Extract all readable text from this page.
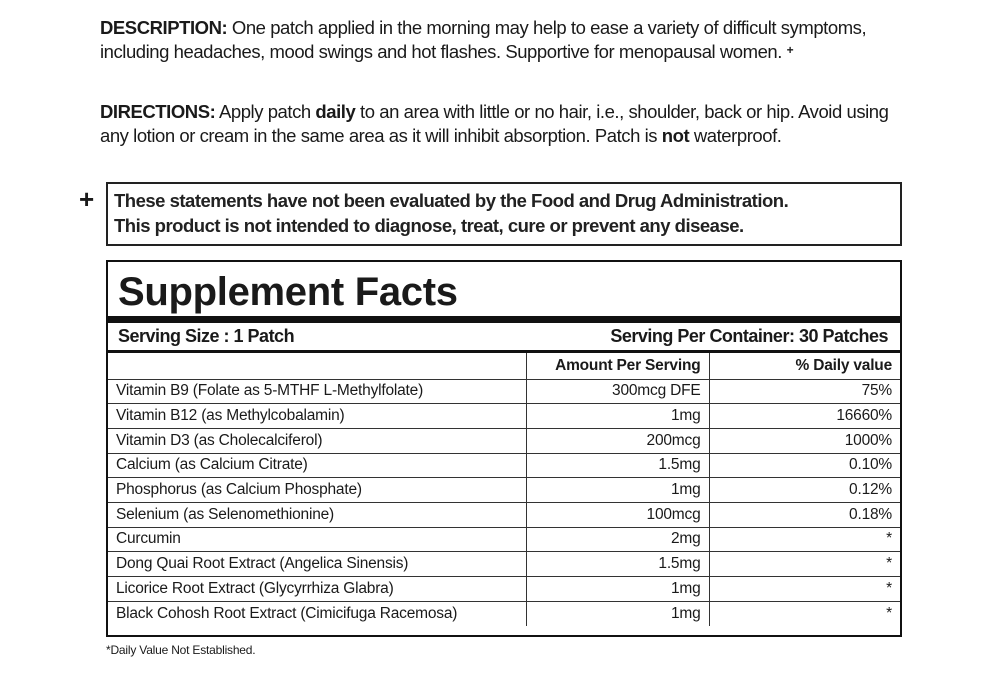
DESCRIPTION: One patch applied in the morning may help to ease a variety of difficult symptoms, including headaches, mood swings and hot flashes. Supportive for menopausal women. +
DIRECTIONS: Apply patch daily to an area with little or no hair, i.e., shoulder, back or hip. Avoid using any lotion or cream in the same area as it will inhibit absorption. Patch is not waterproof.
+ These statements have not been evaluated by the Food and Drug Administration.
This product is not intended to diagnose, treat, cure or prevent any disease.
Supplement Facts
Serving Size : 1 Patch	Serving Per Container: 30 Patches
	Amount Per Serving	% Daily value
Vitamin B9 (Folate as 5-MTHF L-Methylfolate)	300mcg DFE	75%
Vitamin B12 (as Methylcobalamin)	1mg	16660%
Vitamin D3 (as Cholecalciferol)	200mcg	1000%
Calcium (as Calcium Citrate)	1.5mg	0.10%
Phosphorus (as Calcium Phosphate)	1mg	0.12%
Selenium (as Selenomethionine)	100mcg	0.18%
Curcumin	2mg	*
Dong Quai Root Extract (Angelica Sinensis)	1.5mg	*
Licorice Root Extract (Glycyrrhiza Glabra)	1mg	*
Black Cohosh Root Extract (Cimicifuga Racemosa)	1mg	*
*Daily Value Not Established.
